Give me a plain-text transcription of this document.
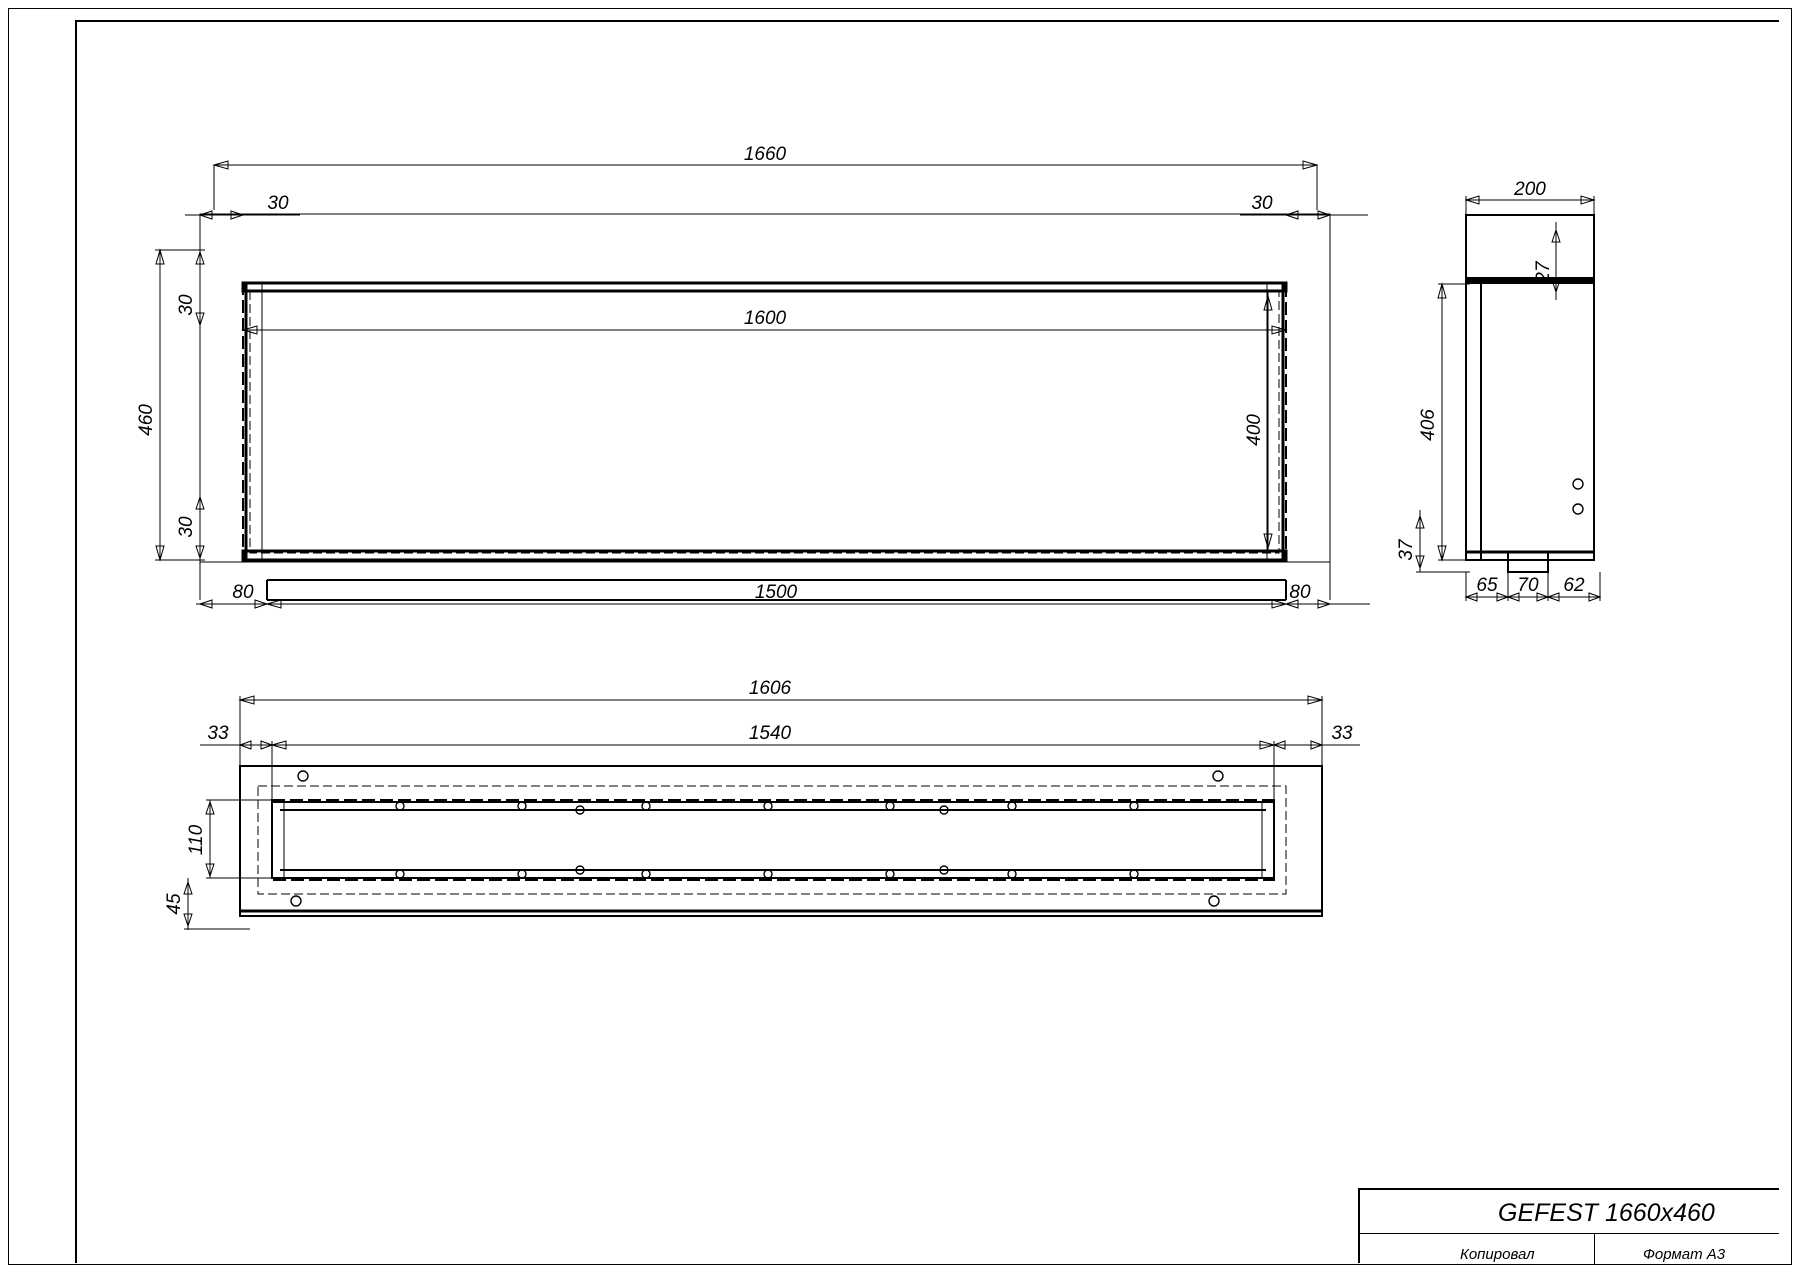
1660
30	30
1600
460
30
30
400
80	1500	80
200
27
406
37
65 70 62
1606
1540
33	33
110
45
GEFEST 1660x460
Копировал	Формат А3
